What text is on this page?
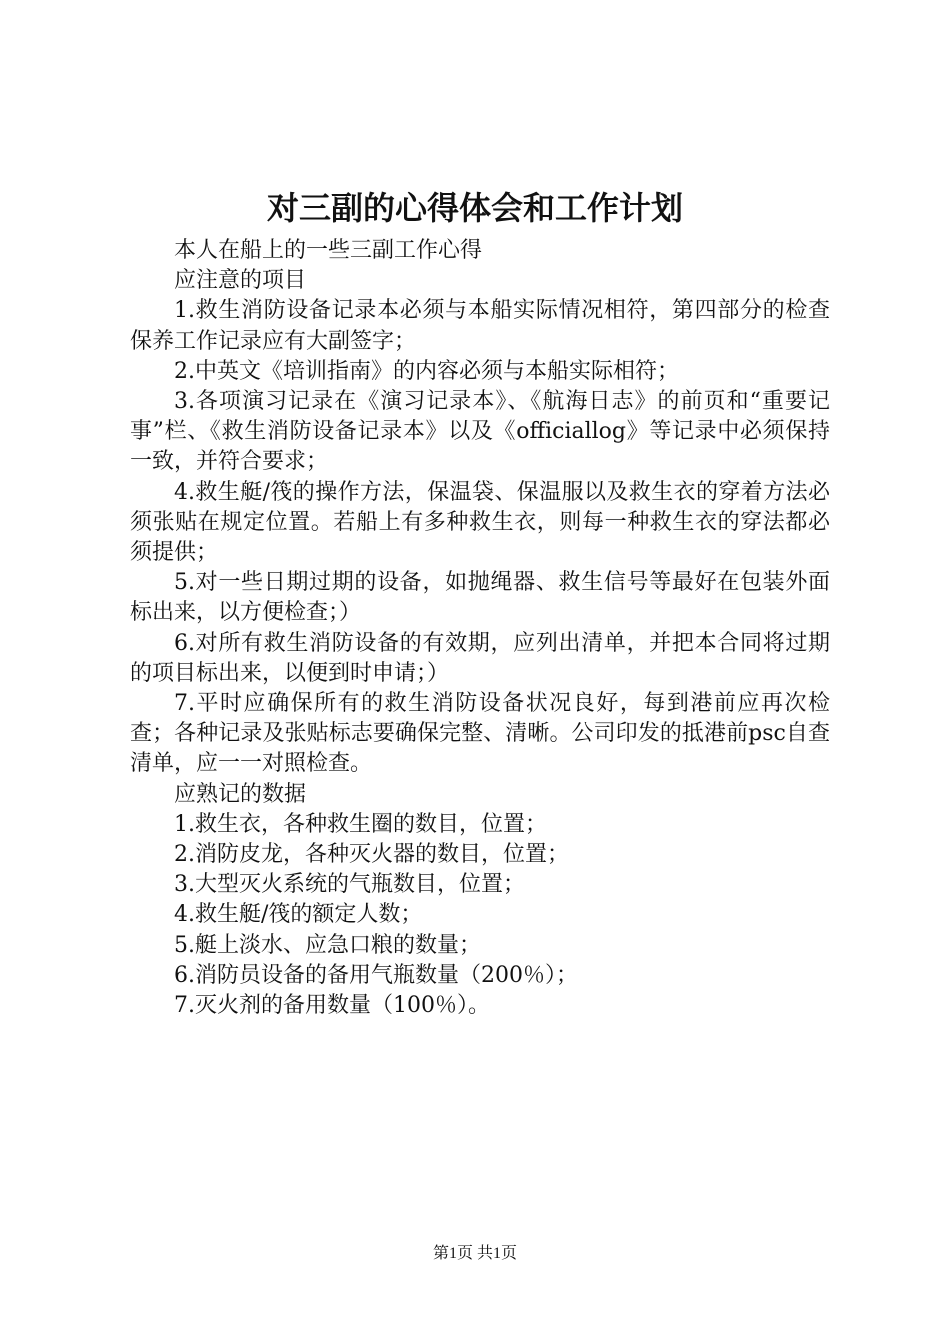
对三副的心得体会和工作计划

本人在船上的一些三副工作心得

应注意的项目

1.救生消防设备记录本必须与本船实际情况相符，第四部分的检查保养工作记录应有大副签字；

2.中英文《培训指南》的内容必须与本船实际相符；

3.各项演习记录在《演习记录本》、《航海日志》的前页和“重要记事”栏、《救生消防设备记录本》以及《officiallog》等记录中必须保持一致，并符合要求；

4.救生艇/筏的操作方法，保温袋、保温服以及救生衣的穿着方法必须张贴在规定位置。若船上有多种救生衣，则每一种救生衣的穿法都必须提供；

5.对一些日期过期的设备，如抛绳器、救生信号等最好在包装外面标出来，以方便检查；）

6.对所有救生消防设备的有效期，应列出清单，并把本合同将过期的项目标出来，以便到时申请；）

7.平时应确保所有的救生消防设备状况良好，每到港前应再次检查；各种记录及张贴标志要确保完整、清晰。公司印发的抵港前psc自查清单，应一一对照检查。

应熟记的数据

1.救生衣，各种救生圈的数目，位置；

2.消防皮龙，各种灭火器的数目，位置；

3.大型灭火系统的气瓶数目，位置；

4.救生艇/筏的额定人数；

5.艇上淡水、应急口粮的数量；

6.消防员设备的备用气瓶数量（200％）；

7.灭火剂的备用数量（100％）。

第1页 共1页
